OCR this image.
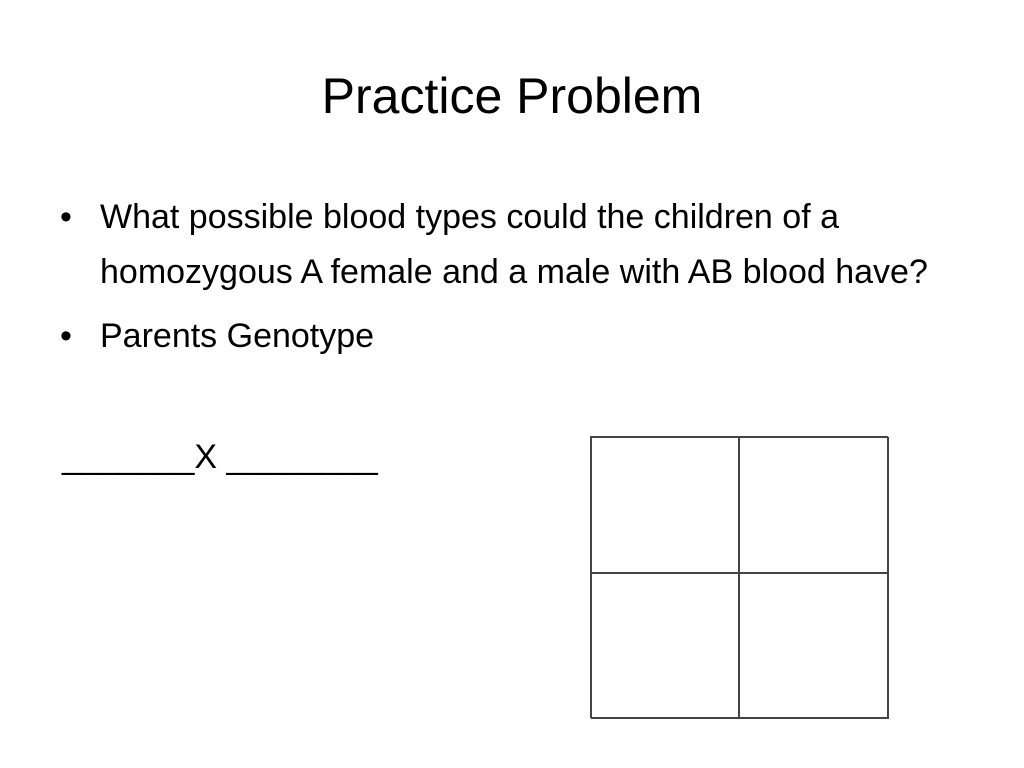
Practice Problem
• What possible blood types could the children of a homozygous A female and a male with AB blood have?
• Parents Genotype
_______X ________
